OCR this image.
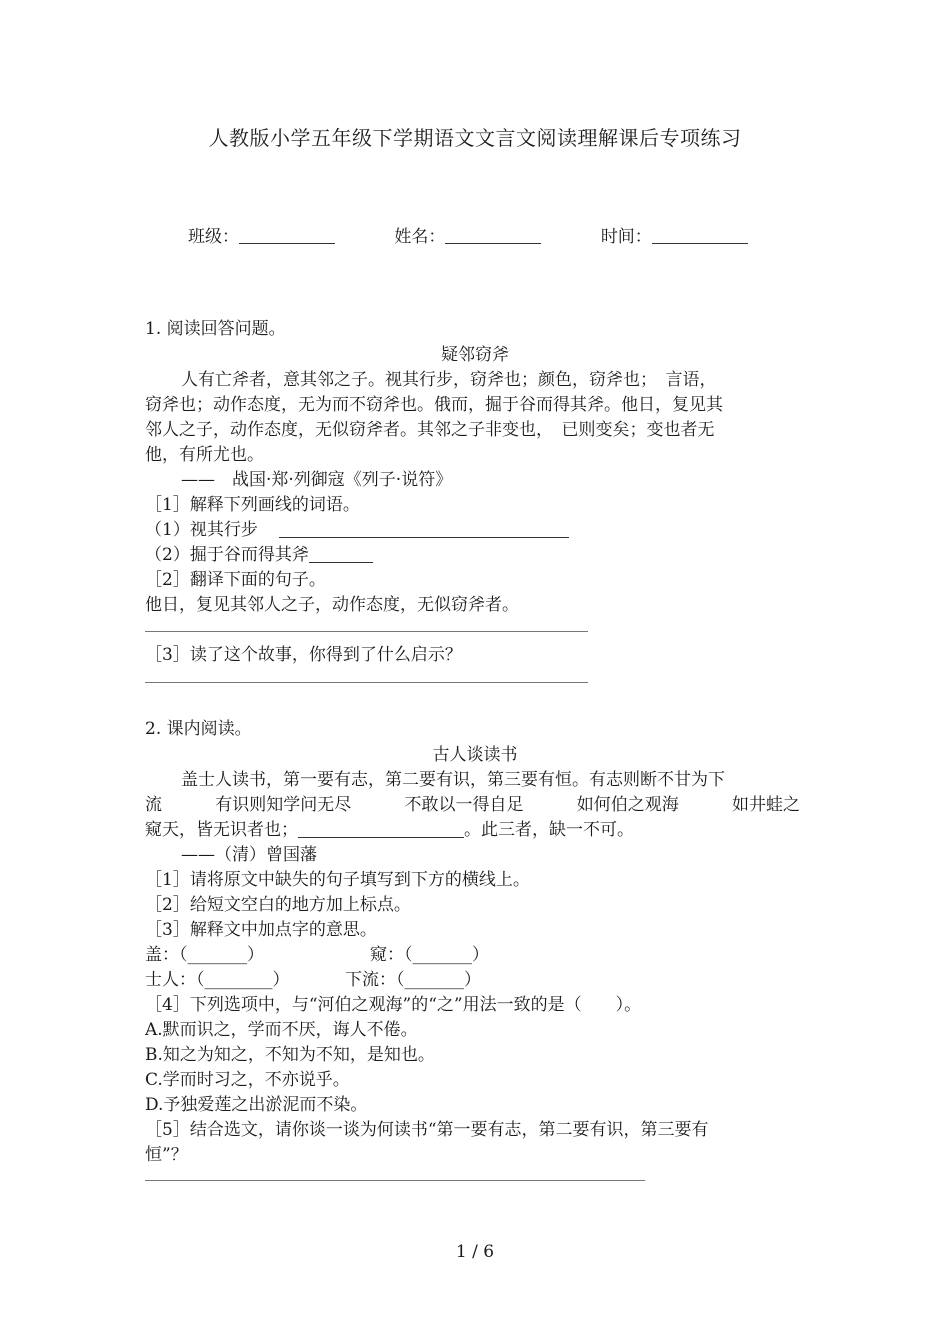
人教版小学五年级下学期语文文言文阅读理解课后专项练习
班级：	姓名：	时间：
1. 阅读回答问题。
疑邻窃斧
人有亡斧者，意其邻之子。视其行步，窃斧也；颜色，窃斧也；　言语，
窃斧也；动作态度，无为而不窃斧也。俄而，掘于谷而得其斧。他日，复见其
邻人之子，动作态度，无似窃斧者。其邻之子非变也，　已则变矣；变也者无
他，有所尤也。
——　战国·郑·列御寇《列子·说符》
［1］解释下列画线的词语。
（1）视其行步
（2）掘于谷而得其斧
［2］翻译下面的句子。
他日，复见其邻人之子，动作态度，无似窃斧者。
［3］读了这个故事，你得到了什么启示？
2. 课内阅读。
古人谈读书
盖士人读书，第一要有志，第二要有识，第三要有恒。有志则断不甘为下
流	有识则知学问无尽	不敢以一得自足	如何伯之观海	如井蛙之
窥天，皆无识者也；	。此三者，缺一不可。
——（清）曾国藩
［1］请将原文中缺失的句子填写到下方的横线上。
［2］给短文空白的地方加上标点。
［3］解释文中加点字的意思。
盖：（_______）	窥：（_______）
士人：（________）	下流：（_______）
［4］下列选项中，与“河伯之观海”的“之”用法一致的是（　　）。
A.默而识之，学而不厌，诲人不倦。
B.知之为知之，不知为不知，是知也。
C.学而时习之，不亦说乎。
D.予独爱莲之出淤泥而不染。
［5］结合选文，请你谈一谈为何读书“第一要有志，第二要有识，第三要有
恒”？
1 / 6
